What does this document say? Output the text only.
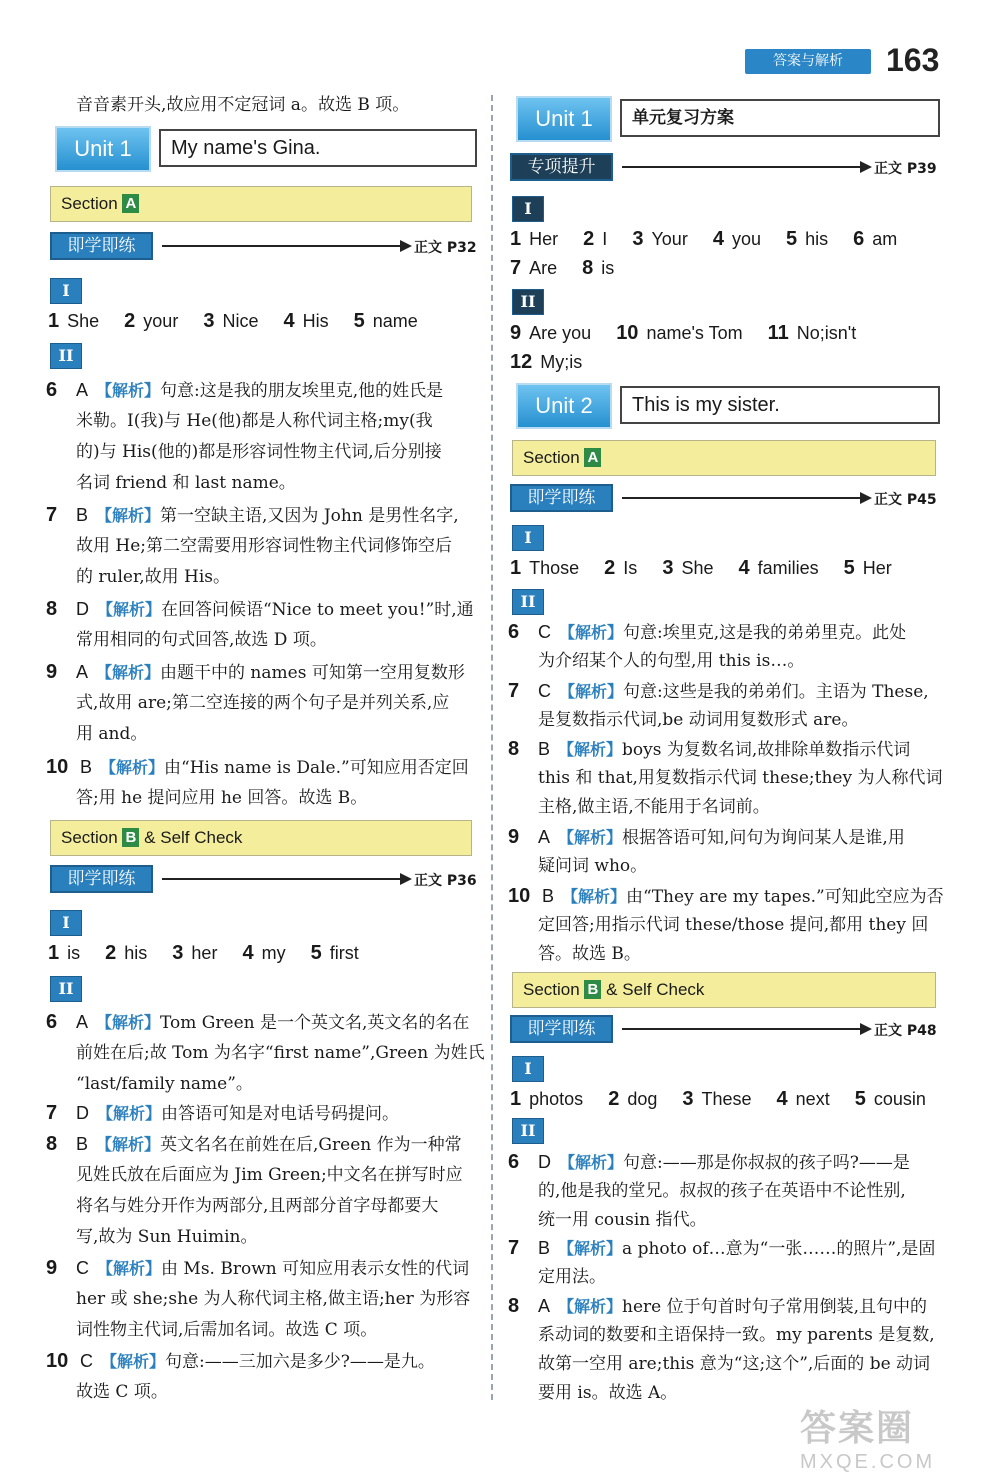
答案与解析	163
音音素开头,故应用不定冠词 a。故选 B 项。
Unit 1	My name's Gina.
Section A
即学即练	正文 P32
I
1 She 2 your 3 Nice 4 His 5 name
II
6 A 【解析】句意:这是我的朋友埃里克,他的姓氏是
米勒。I(我)与 He(他)都是人称代词主格;my(我
的)与 His(他的)都是形容词性物主代词,后分别接
名词 friend 和 last name。
7 B 【解析】第一空缺主语,又因为 John 是男性名字,
故用 He;第二空需要用形容词性物主代词修饰空后
的 ruler,故用 His。
8 D 【解析】在回答问候语“Nice to meet you!”时,通
常用相同的句式回答,故选 D 项。
9 A 【解析】由题干中的 names 可知第一空用复数形
式,故用 are;第二空连接的两个句子是并列关系,应
用 and。
10 B 【解析】由“His name is Dale.”可知应用否定回
答;用 he 提问应用 he 回答。故选 B。
Section B & Self Check
即学即练	正文 P36
I
1 is 2 his 3 her 4 my 5 first
II
6 A 【解析】Tom Green 是一个英文名,英文名的名在
前姓在后;故 Tom 为名字“first name”,Green 为姓氏
“last/family name”。
7 D 【解析】由答语可知是对电话号码提问。
8 B 【解析】英文名名在前姓在后,Green 作为一种常
见姓氏放在后面应为 Jim Green;中文名在拼写时应
将名与姓分开作为两部分,且两部分首字母都要大
写,故为 Sun Huimin。
9 C 【解析】由 Ms. Brown 可知应用表示女性的代词
her 或 she;she 为人称代词主格,做主语;her 为形容
词性物主代词,后需加名词。故选 C 项。
10 C 【解析】句意:——三加六是多少?——是九。
故选 C 项。
Unit 1	单元复习方案
专项提升	正文 P39
I
1 Her 2 I 3 Your 4 you 5 his 6 am
7 Are 8 is
II
9 Are you 10 name's Tom 11 No;isn't
12 My;is
Unit 2	This is my sister.
Section A
即学即练	正文 P45
I
1 Those 2 Is 3 She 4 families 5 Her
II
6 C 【解析】句意:埃里克,这是我的弟弟里克。此处
为介绍某个人的句型,用 this is…。
7 C 【解析】句意:这些是我的弟弟们。主语为 These,
是复数指示代词,be 动词用复数形式 are。
8 B 【解析】boys 为复数名词,故排除单数指示代词
this 和 that,用复数指示代词 these;they 为人称代词
主格,做主语,不能用于名词前。
9 A 【解析】根据答语可知,问句为询问某人是谁,用
疑问词 who。
10 B 【解析】由“They are my tapes.”可知此空应为否
定回答;用指示代词 these/those 提问,都用 they 回
答。故选 B。
Section B & Self Check
即学即练	正文 P48
I
1 photos 2 dog 3 These 4 next 5 cousin
II
6 D 【解析】句意:——那是你叔叔的孩子吗?——是
的,他是我的堂兄。叔叔的孩子在英语中不论性别,
统一用 cousin 指代。
7 B 【解析】a photo of…意为“一张……的照片”,是固
定用法。
8 A 【解析】here 位于句首时句子常用倒装,且句中的
系动词的数要和主语保持一致。my parents 是复数,
故第一空用 are;this 意为“这;这个”,后面的 be 动词
要用 is。故选 A。
答案圈
MXQE.COM
